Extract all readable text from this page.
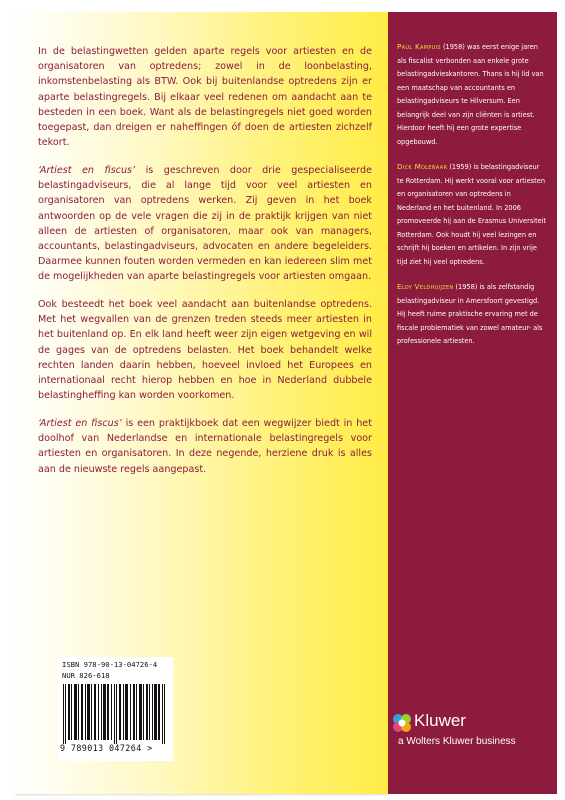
In de belastingwetten gelden aparte regels voor artiesten en de organisatoren van optredens; zowel in de loonbelasting, inkomstenbelasting als BTW. Ook bij buitenlandse optredens zijn er aparte belastingregels. Bij elkaar veel redenen om aandacht aan te besteden in een boek. Want als de belastingregels niet goed worden toegepast, dan dreigen er naheffingen óf doen de artiesten zichzelf tekort.

‘Artiest en fiscus’ is geschreven door drie gespecialiseerde belastingadviseurs, die al lange tijd voor veel artiesten en organisatoren van optredens werken. Zij geven in het boek antwoorden op de vele vragen die zij in de praktijk krijgen van niet alleen de artiesten of organisatoren, maar ook van managers, accountants, belastingadviseurs, advocaten en andere begeleiders. Daarmee kunnen fouten worden vermeden en kan iedereen slim met de mogelijkheden van aparte belastingregels voor artiesten omgaan.

Ook besteedt het boek veel aandacht aan buitenlandse optredens. Met het wegvallen van de grenzen treden steeds meer artiesten in het buitenland op. En elk land heeft weer zijn eigen wetgeving en wil de gages van de optredens belasten. Het boek behandelt welke rechten landen daarin hebben, hoeveel invloed het Europees en internationaal recht hierop hebben en hoe in Nederland dubbele belastingheffing kan worden voorkomen.

‘Artiest en fiscus’ is een praktijkboek dat een wegwijzer biedt in het doolhof van Nederlandse en internationale belastingregels voor artiesten en organisatoren. In deze negende, herziene druk is alles aan de nieuwste regels aangepast.

Paul Kampuis (1958) was eerst enige jaren als fiscalist verbonden aan enkele grote belastingadvieskantoren. Thans is hij lid van een maatschap van accountants en belastingadviseurs te Hilversum. Een belangrijk deel van zijn cliënten is artiest. Hierdoor heeft hij een grote expertise opgebouwd.
Dick Molenaar (1959) is belastingadviseur te Rotterdam. Hij werkt vooral voor artiesten en organisatoren van optredens in Nederland en het buitenland. In 2006 promoveerde hij aan de Erasmus Universiteit Rotterdam. Ook houdt hij veel lezingen en schrijft hij boeken en artikelen. In zijn vrije tijd ziet hij veel optredens.
Eloy Veldhuijzen (1958) is als zelfstandig belastingadviseur in Amersfoort gevestigd. Hij heeft ruime praktische ervaring met de fiscale problematiek van zowel amateur- als professionele artiesten.
ISBN 978-90-13-04726-4
NUR 826-618
9 789013 047264 >
Kluwer
a Wolters Kluwer business
